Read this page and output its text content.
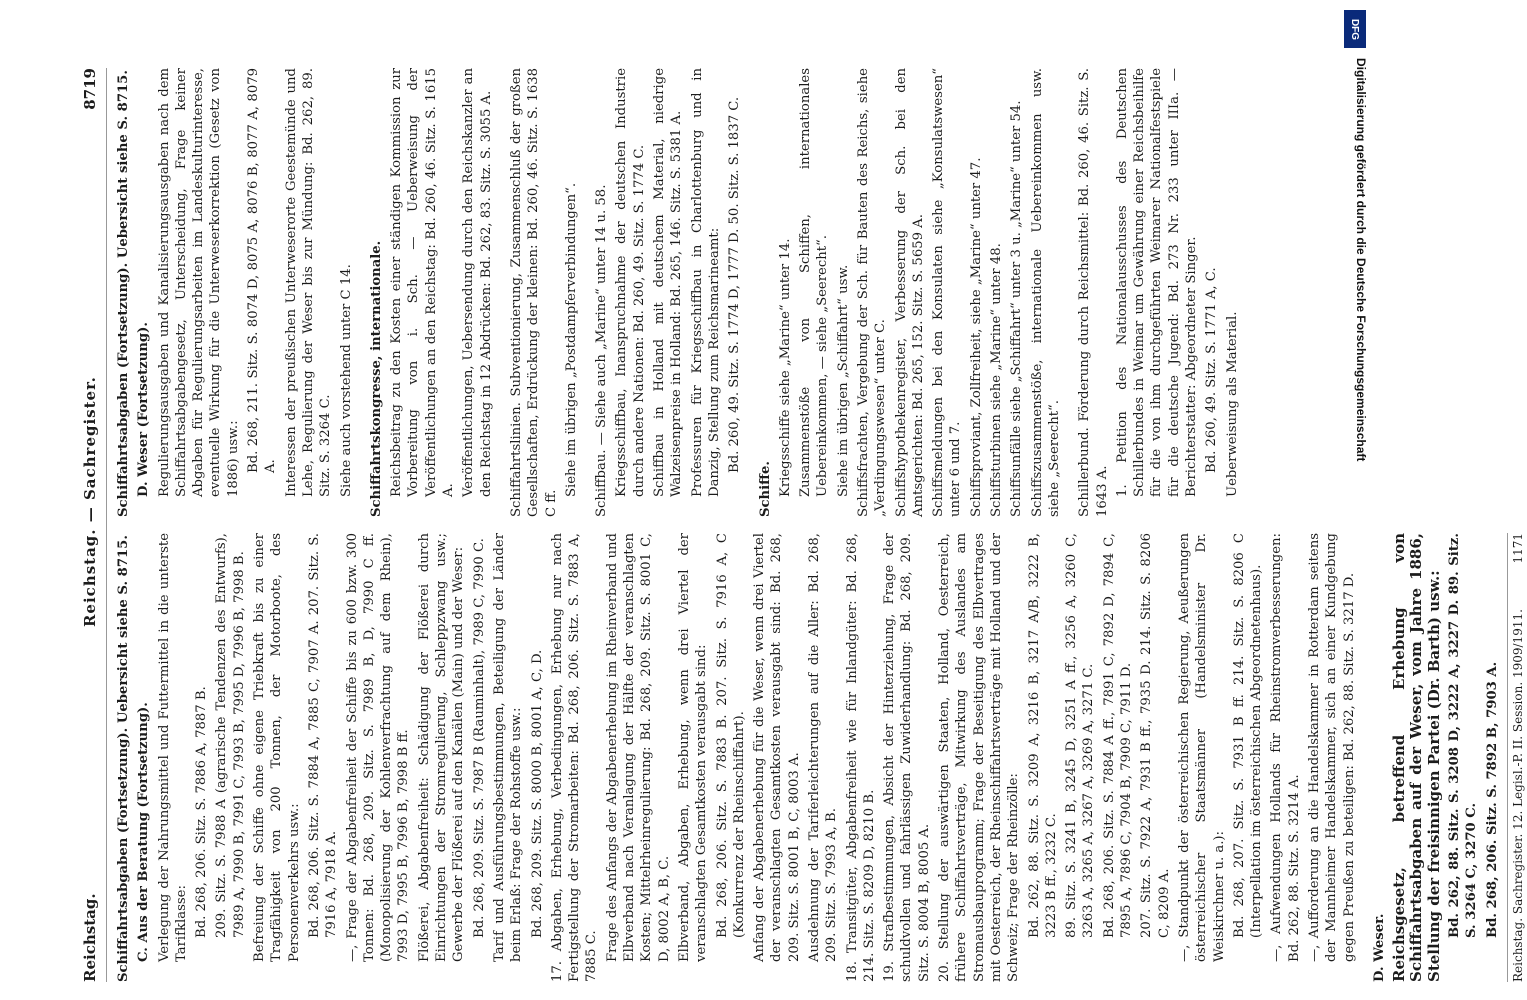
Reichstag.
Reichstag. — Sachregister.
8719

Schiffahrtsabgaben (Fortsetzung). Uebersicht siehe S. 8715. C. Aus der Beratung (Fortsetzung). Verlegung der Nahrungsmittel und Futtermittel in die unterste Tarifklasse: Bd. 268, 206. Sitz. S. 7886 A, 7887 B. 209. Sitz. S. 7988 A (agrarische Tendenzen des Entwurfs), 7989 A, 7990 B, 7991 C, 7993 B, 7995 D, 7996 B, 7998 B. Befreiung der Schiffe ohne eigene Triebkraft bis zu einer Tragfähigkeit von 200 Tonnen, der Motorboote, des Personenverkehrs usw.: Bd. 268, 206. Sitz. S. 7884 A, 7885 C, 7907 A. 207. Sitz. S. 7916 A, 7918 A. —, Frage der Abgabenfreiheit der Schiffe bis zu 600 bzw. 300 Tonnen: Bd. 268, 209. Sitz. S. 7989 B, D, 7990 C ff. (Monopolisierung der Kohlenverfrachtung auf dem Rhein), 7993 D, 7995 B, 7996 B, 7998 B ff. Flößerei, Abgabenfreiheit: Schädigung der Flößerei durch Einrichtungen der Stromregulierung, Schleppzwang usw.; Gewerbe der Flößerei auf den Kanälen (Main) und der Weser: Bd. 268, 209. Sitz. S. 7987 B (Rauminhalt), 7989 C, 7990 C. Tarif und Ausführungsbestimmungen, Beteiligung der Länder beim Erlaß: Frage der Rohstoffe usw.: Bd. 268, 209. Sitz. S. 8000 B, 8001 A, C, D. 17. Abgaben, Erhebung, Verbedingungen, Erhebung nur nach Fertigstellung der Stromarbeiten: Bd. 268, 206. Sitz. S. 7883 A, 7885 C. Frage des Anfangs der Abgabenerhebung im Rheinverband und Elbverband nach Veranlagung der Hälfte der veranschlagten Kosten; Mittelrheinregulierung: Bd. 268, 209. Sitz. S. 8001 C, D, 8002 A, B, C. Elbverband, Abgaben, Erhebung, wenn drei Viertel der veranschlagten Gesamtkosten verausgabt sind: Bd. 268, 206. Sitz. S. 7883 B. 207. Sitz. S. 7916 A, C (Konkurrenz der Rheinschiffahrt). Anfang der Abgabenerhebung für die Weser, wenn drei Viertel der veranschlagten Gesamtkosten verausgabt sind: Bd. 268, 209. Sitz. S. 8001 B, C, 8003 A. Ausdehnung der Tariferleichterungen auf die Aller: Bd. 268, 209. Sitz. S. 7993 A, B. 18. Transitgüter, Abgabenfreiheit wie für Inlandgüter: Bd. 268, 214. Sitz. S. 8209 D, 8210 B. 19. Strafbestimmungen, Absicht der Hinterziehung, Frage der schuldvollen und fahrlässigen Zuwiderhandlung: Bd. 268, 209. Sitz. S. 8004 B, 8005 A. 20. Stellung der auswärtigen Staaten, Holland, Oesterreich, frühere Schiffahrtsverträge, Mitwirkung des Auslandes am Stromausbauprogramm; Frage der Beseitigung des Elbvertrages mit Oesterreich, der Rheinschiffahrtsverträge mit Holland und der Schweiz; Frage der Rheinzölle: Bd. 262, 88. Sitz. S. 3209 A, 3216 B, 3217 A/B, 3222 B, 3223 B ff., 3232 C. 89. Sitz. S. 3241 B, 3245 D, 3251 A ff., 3256 A, 3260 C, 3263 A, 3265 A, 3267 A, 3269 A, 3271 C. Bd. 268, 206. Sitz. S. 7884 A ff., 7891 C, 7892 D, 7894 C, 7895 A, 7896 C, 7904 B, 7909 C, 7911 D. 207. Sitz. S. 7922 A, 7931 B ff., 7935 D. 214. Sitz. S. 8206 C, 8209 A. —, Standpunkt der österreichischen Regierung, Aeußerungen österreichischer Staatsmänner (Handelsminister Dr. Weiskirchner u. a.): Bd. 268, 207. Sitz. S. 7931 B ff. 214. Sitz. S. 8206 C (Interpellation im österreichischen Abgeordnetenhaus). —, Aufwendungen Hollands für Rheinstromverbesserungen: Bd. 262, 88. Sitz. S. 3214 A. —, Aufforderung an die Handelskammer in Rotterdam seitens der Mannheimer Handelskammer, sich an einer Kundgebung gegen Preußen zu beteiligen: Bd. 262, 88. Sitz. S. 3217 D. D. Weser. Reichsgesetz, betreffend Erhebung von Schiffahrtsabgaben auf der Weser, vom Jahre 1886, Stellung der freisinnigen Partei (Dr. Barth) usw.: Bd. 262, 88. Sitz. S. 3208 D, 3222 A, 3227 D. 89. Sitz. S. 3264 C, 3270 C. Bd. 268, 206. Sitz. S. 7892 B, 7903 A. Reichstag. Sachregister. 12. Legisl.-P. II. Session. 1909/1911.
1171

Schiffahrtsabgaben (Fortsetzung). Uebersicht siehe S. 8715. D. Weser (Fortsetzung). Regulierungsausgaben und Kanalisierungsausgaben nach dem Schiffahrtsabgabengesetz, Unterscheidung, Frage keiner Abgaben für Regulierungsarbeiten im Landeskulturinteresse, eventuelle Wirkung für die Unterweserkorrektion (Gesetz von 1886) usw.: Bd. 268, 211. Sitz. S. 8074 D, 8075 A, 8076 B, 8077 A, 8079 A. Interessen der preußischen Unterweserorte Geestemünde und Lehe, Regulierung der Weser bis zur Mündung: Bd. 262, 89. Sitz. S. 3264 C. Siehe auch vorstehend unter C 14. Schiffahrtskongresse, internationale. Reichsbeitrag zu den Kosten einer ständigen Kommission zur Vorbereitung von i. Sch. — Ueberweisung der Veröffentlichungen an den Reichstag: Bd. 260, 46. Sitz. S. 1615 A. Veröffentlichungen, Uebersendung durch den Reichskanzler an den Reichstag in 12 Abdrücken: Bd. 262, 83. Sitz. S. 3055 A. Schiffahrtslinien. Subventionierung, Zusammenschluß der großen Gesellschaften, Erdrückung der kleinen: Bd. 260, 46. Sitz. S. 1638 C ff.

Siehe im übrigen „Postdampferverbindungen“. Schiffbau. — Siehe auch „Marine“ unter 14 u. 58. Kriegsschiffbau, Inanspruchnahme der deutschen Industrie durch andere Nationen: Bd. 260, 49. Sitz. S. 1774 C. Schiffbau in Holland mit deutschem Material, niedrige Walzeisenpreise in Holland: Bd. 265, 146. Sitz. S. 5381 A. Professuren für Kriegsschiffbau in Charlottenburg und in Danzig, Stellung zum Reichsmarineamt: Bd. 260, 49. Sitz. S. 1774 D, 1777 D. 50. Sitz. S. 1837 C.

Schiffe. Kriegsschiffe siehe „Marine“ unter 14. Zusammenstöße von Schiffen, internationales Uebereinkommen, — siehe „Seerecht“. Siehe im übrigen „Schiffahrt“ usw. Schiffsfrachten, Vergebung der Sch. für Bauten des Reichs, siehe „Verdingungswesen“ unter C. Schiffshypothekenregister, Verbesserung der Sch. bei den Amtsgerichten: Bd. 265, 152. Sitz. S. 5659 A. Schiffsmeldungen bei den Konsulaten siehe „Konsulatswesen“ unter 6 und 7. Schiffsproviant, Zollfreiheit, siehe „Marine“ unter 47. Schiffsturbinen siehe „Marine“ unter 48. Schiffsunfälle siehe „Schiffahrt“ unter 3 u. „Marine“ unter 54. Schiffszusammenstöße, internationale Uebereinkommen usw. siehe „Seerecht“. Schillerbund. Förderung durch Reichsmittel: Bd. 260, 46. Sitz. S. 1643 A. 1. Petition des Nationalausschusses des Deutschen Schillerbundes in Weimar um Gewährung einer Reichsbeihilfe für die von ihm durchgeführten Weimarer Nationalfestspiele für die deutsche Jugend: Bd. 273 Nr. 233 unter IIIa. — Berichterstatter: Abgeordneter Singer. Bd. 260, 49. Sitz. S. 1771 A, C. Ueberweisung als Material.

DFG
Digitalisierung gefördert durch die Deutsche Forschungsgemeinschaft
